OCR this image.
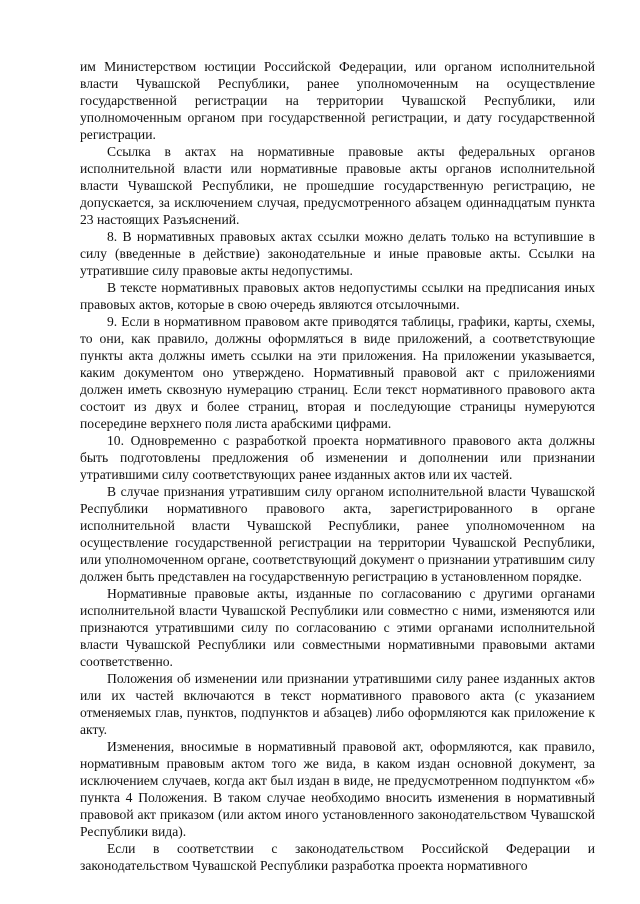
им Министерством юстиции Российской Федерации, или органом исполнительной власти Чувашской Республики, ранее уполномоченным на осуществление государственной регистрации на территории Чувашской Республики, или уполномоченным органом при государственной регистрации, и дату государственной регистрации.

Ссылка в актах на нормативные правовые акты федеральных органов исполнительной власти или нормативные правовые акты органов исполнительной власти Чувашской Республики, не прошедшие государственную регистрацию, не допускается, за исключением случая, предусмотренного абзацем одиннадцатым пункта 23 настоящих Разъяснений.

8. В нормативных правовых актах ссылки можно делать только на вступившие в силу (введенные в действие) законодательные и иные правовые акты. Ссылки на утратившие силу правовые акты недопустимы.

В тексте нормативных правовых актов недопустимы ссылки на предписания иных правовых актов, которые в свою очередь являются отсылочными.

9. Если в нормативном правовом акте приводятся таблицы, графики, карты, схемы, то они, как правило, должны оформляться в виде приложений, а соответствующие пункты акта должны иметь ссылки на эти приложения. На приложении указывается, каким документом оно утверждено. Нормативный правовой акт с приложениями должен иметь сквозную нумерацию страниц. Если текст нормативного правового акта состоит из двух и более страниц, вторая и последующие страницы нумеруются посередине верхнего поля листа арабскими цифрами.

10. Одновременно с разработкой проекта нормативного правового акта должны быть подготовлены предложения об изменении и дополнении или признании утратившими силу соответствующих ранее изданных актов или их частей.

В случае признания утратившим силу органом исполнительной власти Чувашской Республики нормативного правового акта, зарегистрированного в органе исполнительной власти Чувашской Республики, ранее уполномоченном на осуществление государственной регистрации на территории Чувашской Республики, или уполномоченном органе, соответствующий документ о признании утратившим силу должен быть представлен на государственную регистрацию в установленном порядке.

Нормативные правовые акты, изданные по согласованию с другими органами исполнительной власти Чувашской Республики или совместно с ними, изменяются или признаются утратившими силу по согласованию с этими органами исполнительной власти Чувашской Республики или совместными нормативными правовыми актами соответственно.

Положения об изменении или признании утратившими силу ранее изданных актов или их частей включаются в текст нормативного правового акта (с указанием отменяемых глав, пунктов, подпунктов и абзацев) либо оформляются как приложение к акту.

Изменения, вносимые в нормативный правовой акт, оформляются, как правило, нормативным правовым актом того же вида, в каком издан основной документ, за исключением случаев, когда акт был издан в виде, не предусмотренном подпунктом «б» пункта 4 Положения. В таком случае необходимо вносить изменения в нормативный правовой акт приказом (или актом иного установленного законодательством Чувашской Республики вида).

Если в соответствии с законодательством Российской Федерации и законодательством Чувашской Республики разработка проекта нормативного
